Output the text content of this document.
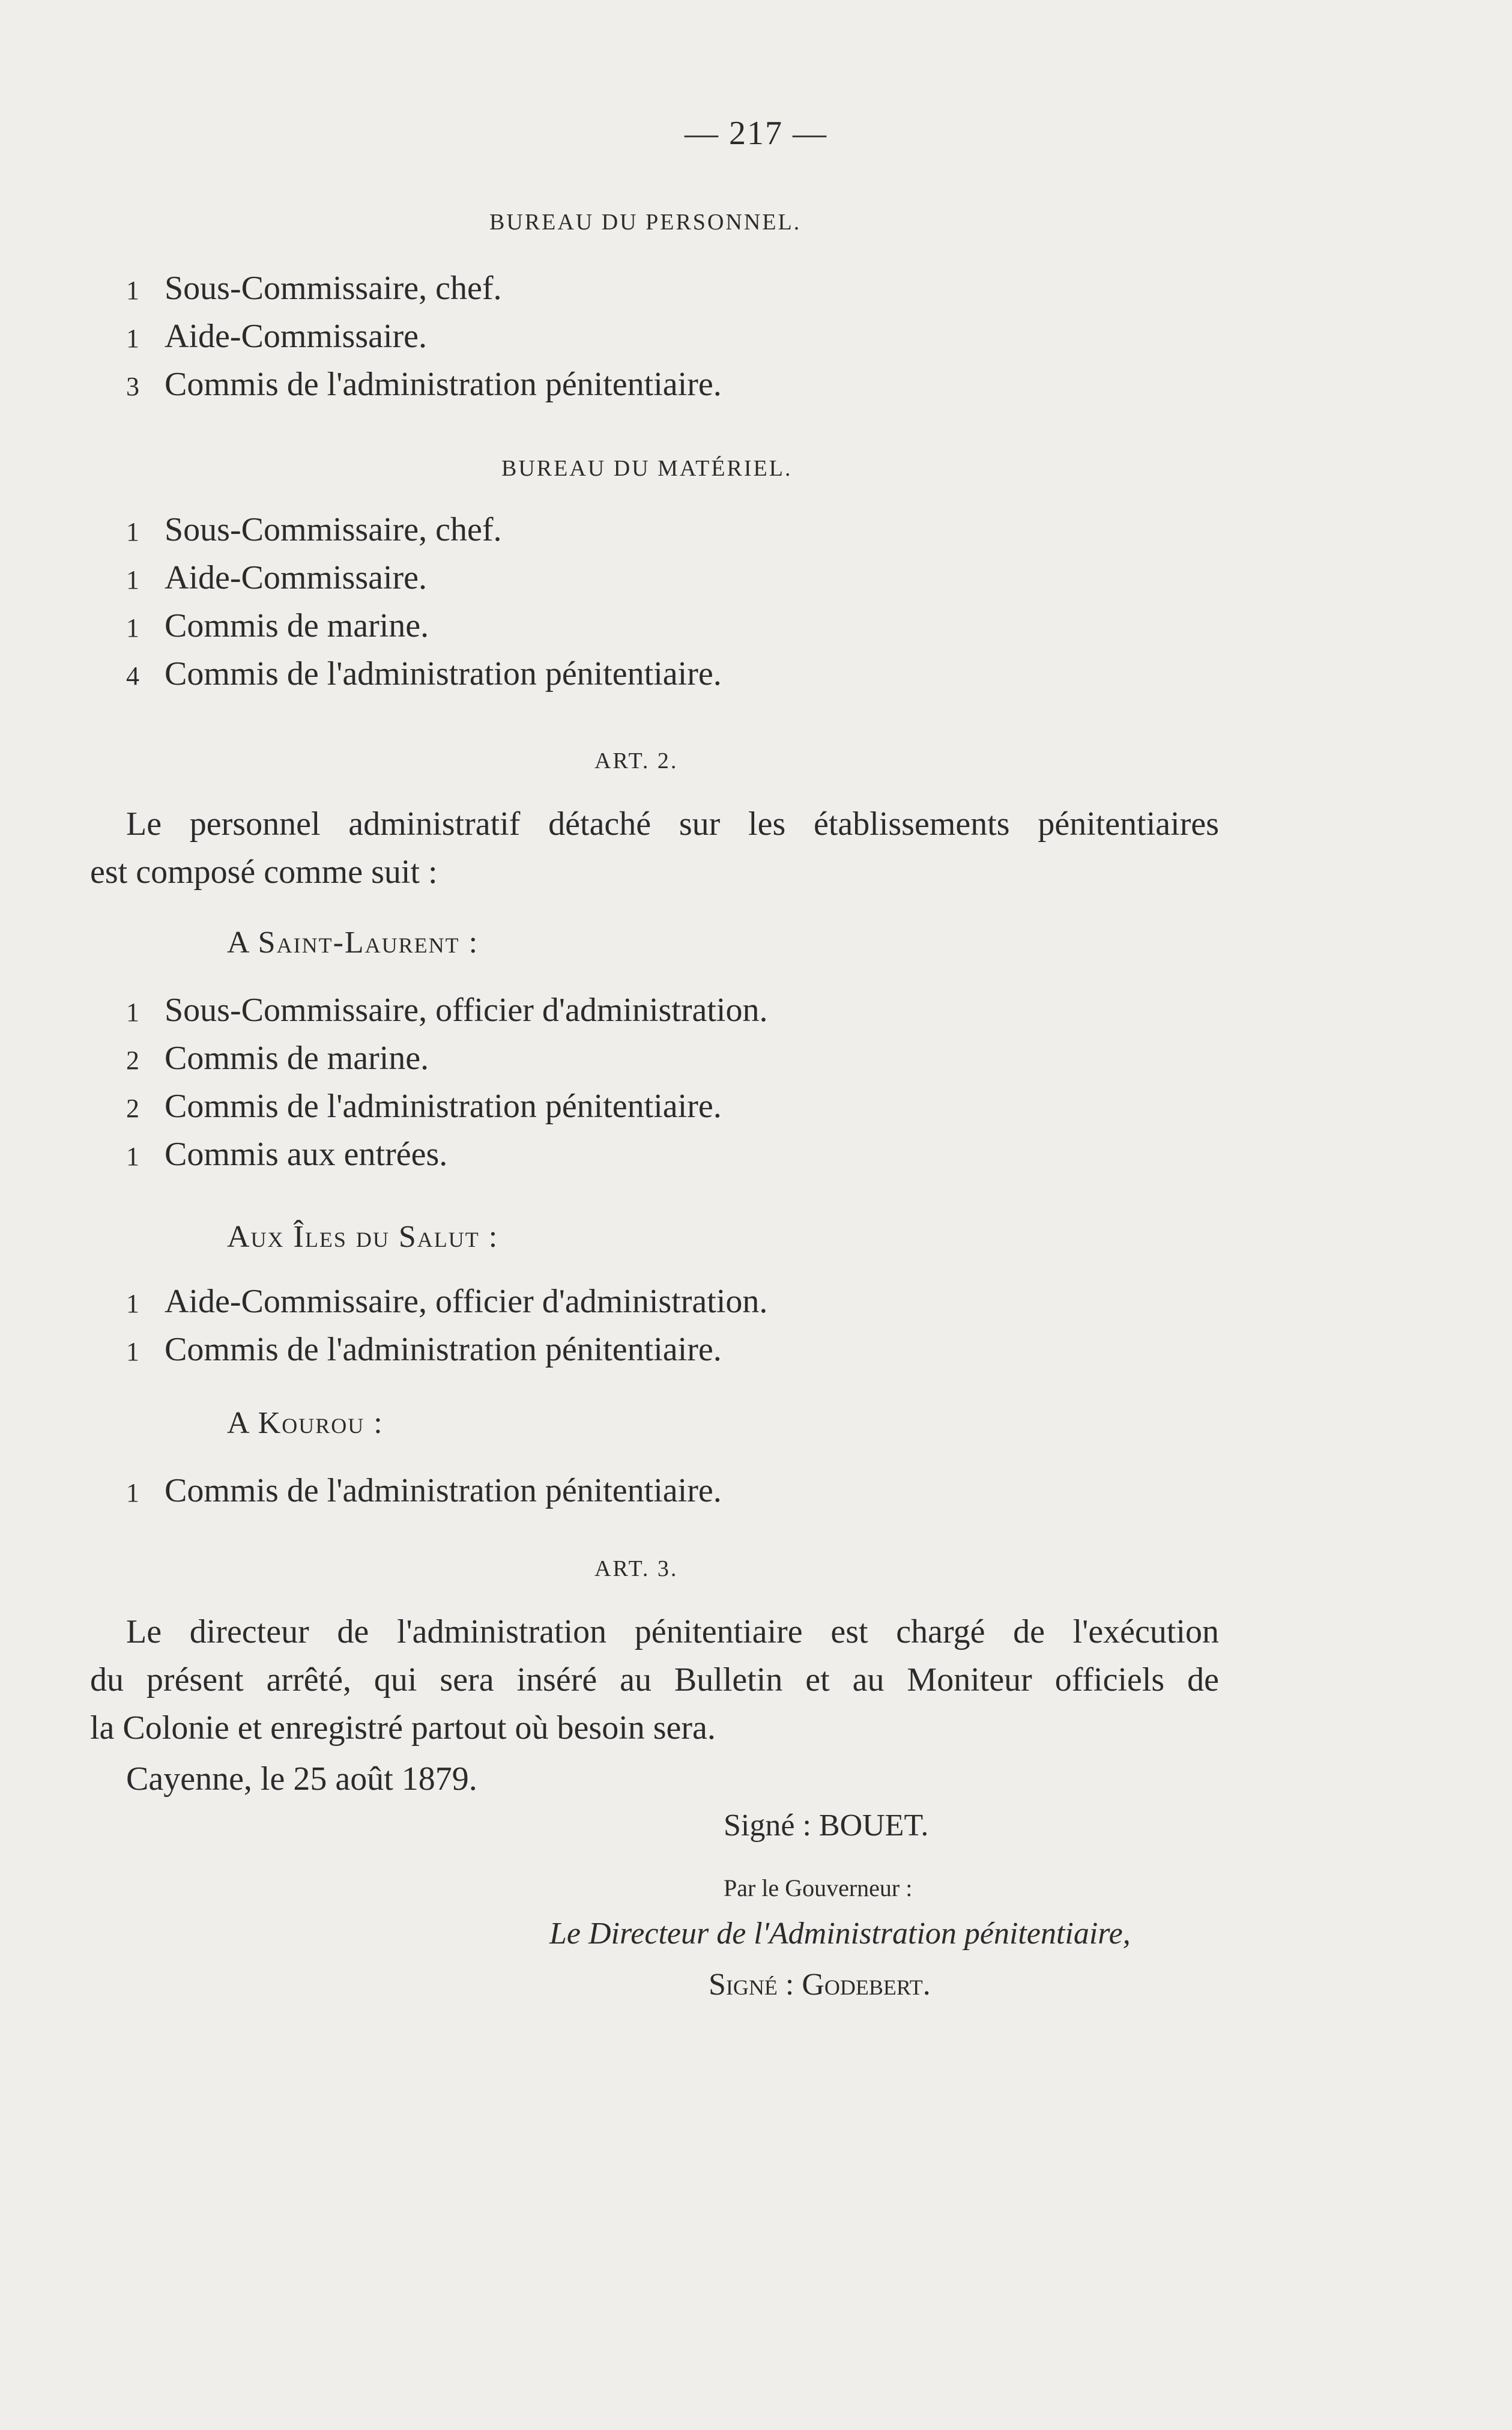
— 217 —
BUREAU DU PERSONNEL.
1 Sous-Commissaire, chef.
1 Aide-Commissaire.
3 Commis de l'administration pénitentiaire.
BUREAU DU MATÉRIEL.
1 Sous-Commissaire, chef.
1 Aide-Commissaire.
1 Commis de marine.
4 Commis de l'administration pénitentiaire.
ART. 2.
Le personnel administratif détaché sur les établissements pénitentiaires
est composé comme suit :
A Saint-Laurent :
1 Sous-Commissaire, officier d'administration.
2 Commis de marine.
2 Commis de l'administration pénitentiaire.
1 Commis aux entrées.
Aux Îles du Salut :
1 Aide-Commissaire, officier d'administration.
1 Commis de l'administration pénitentiaire.
A Kourou :
1 Commis de l'administration pénitentiaire.
ART. 3.
Le directeur de l'administration pénitentiaire est chargé de l'exécution
du présent arrêté, qui sera inséré au Bulletin et au Moniteur officiels de
la Colonie et enregistré partout où besoin sera.
Cayenne, le 25 août 1879.
Signé : BOUET.
Par le Gouverneur :
Le Directeur de l'Administration pénitentiaire,
Signé : Godebert.
